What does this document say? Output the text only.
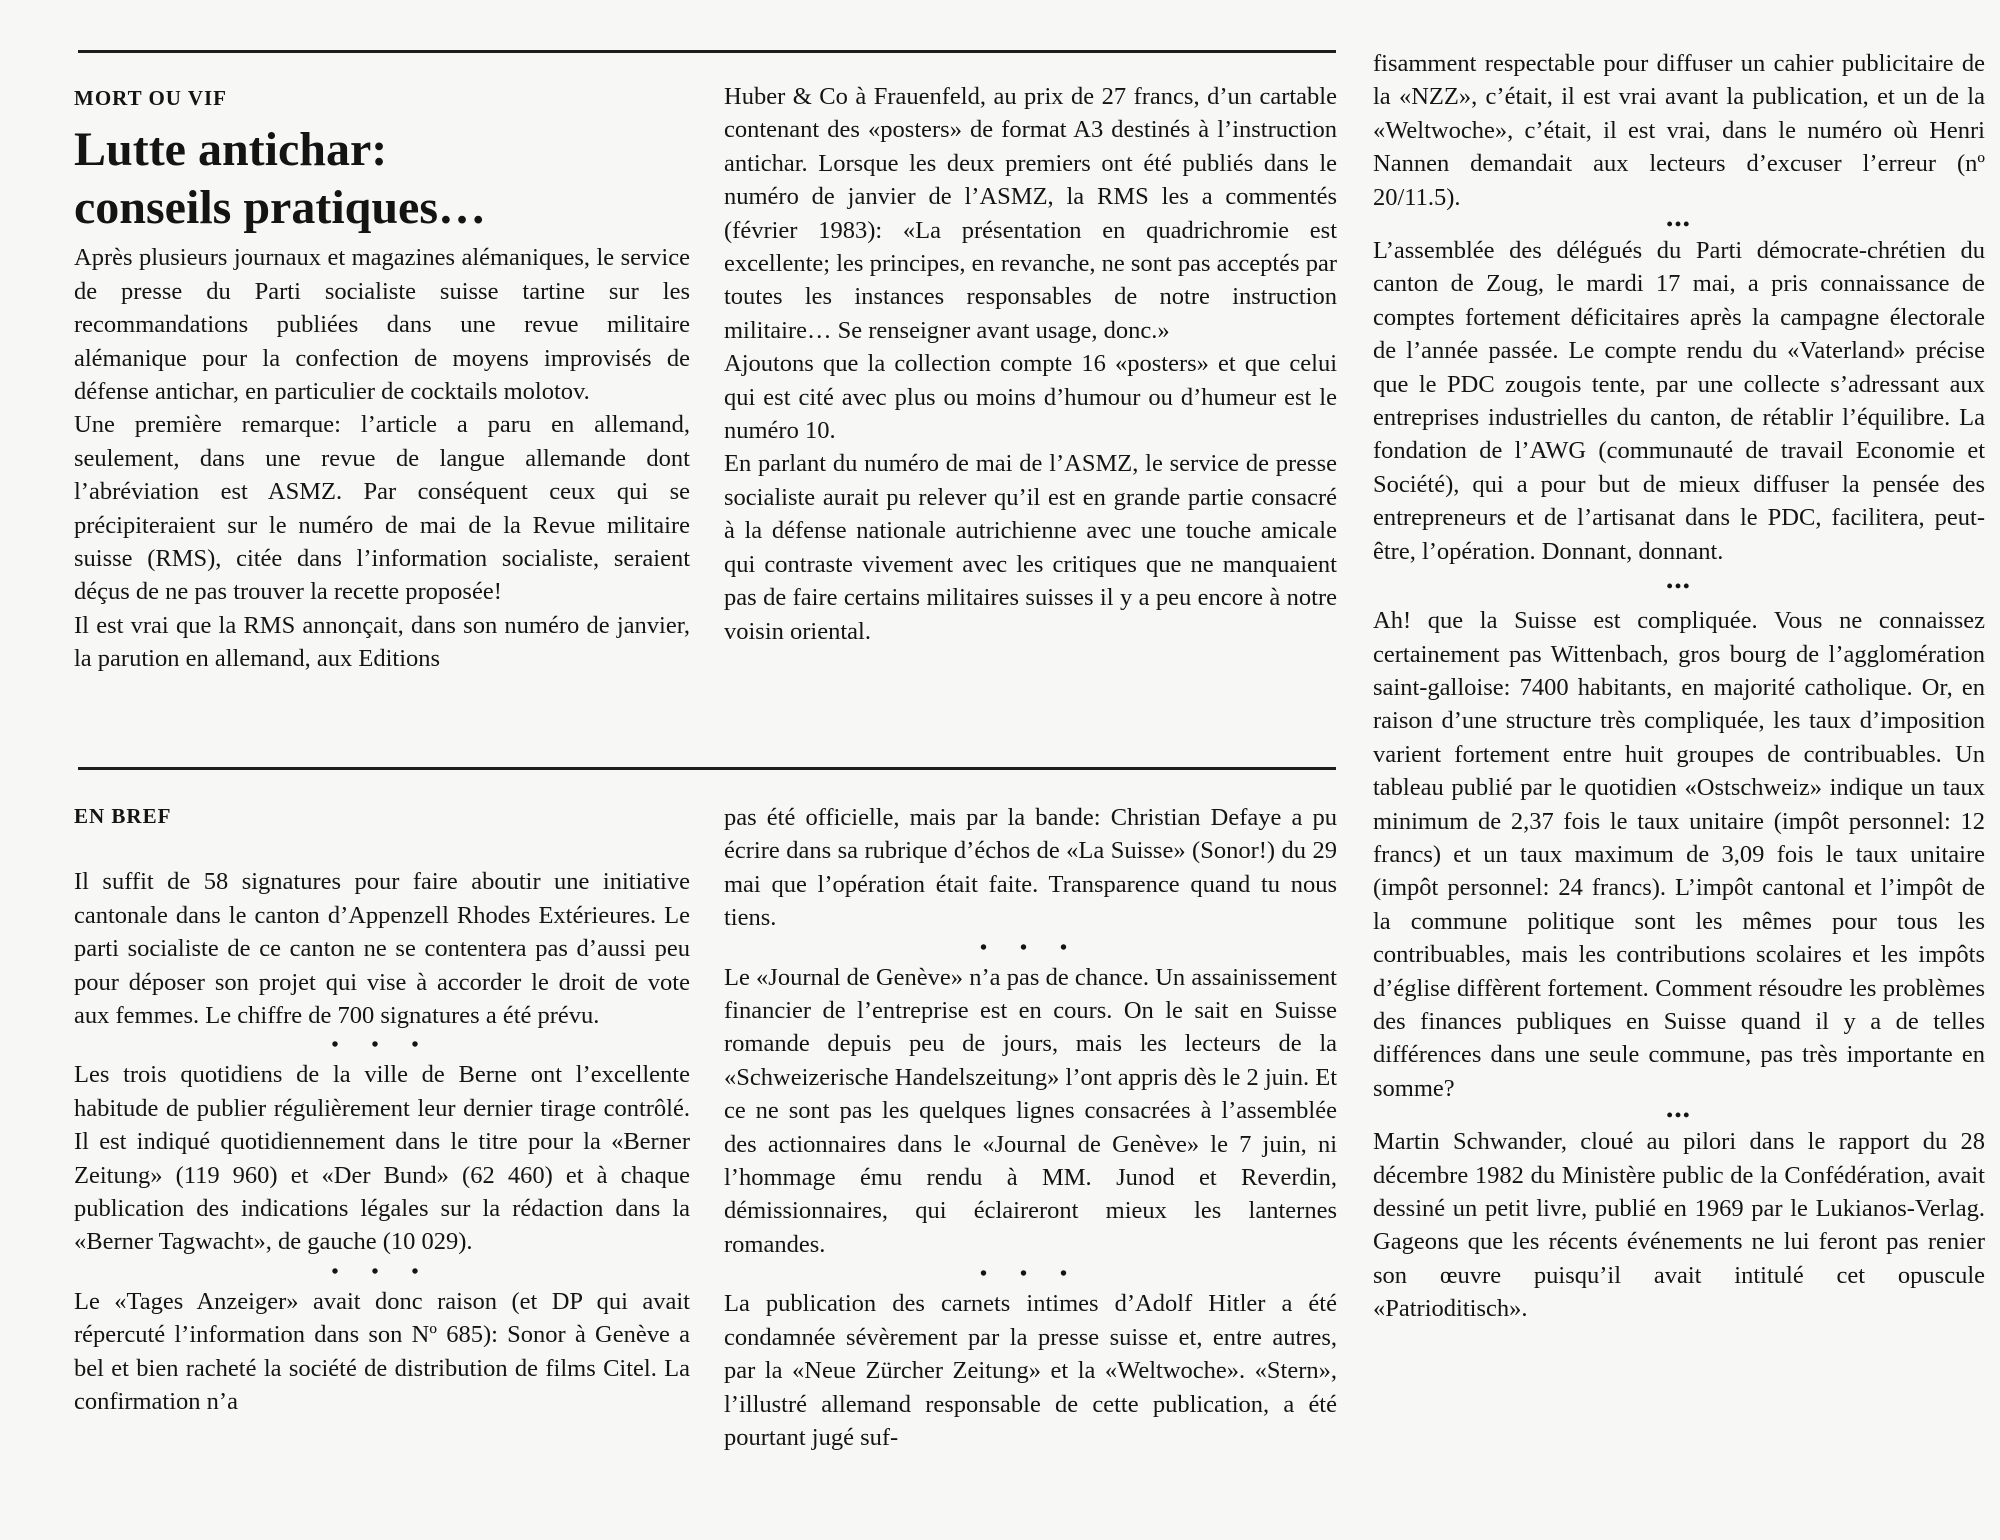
MORT OU VIF
Lutte antichar:
conseils pratiques…

Après plusieurs journaux et magazines alémaniques, le service de presse du Parti socialiste suisse tartine sur les recommandations publiées dans une revue militaire alémanique pour la confection de moyens improvisés de défense antichar, en particulier de cocktails molotov.

Une première remarque: l’article a paru en allemand, seulement, dans une revue de langue allemande dont l’abréviation est ASMZ. Par conséquent ceux qui se précipiteraient sur le numéro de mai de la Revue militaire suisse (RMS), citée dans l’information socialiste, seraient déçus de ne pas trouver la recette proposée!

Il est vrai que la RMS annonçait, dans son numéro de janvier, la parution en allemand, aux Editions

Huber & Co à Frauenfeld, au prix de 27 francs, d’un cartable contenant des «posters» de format A3 destinés à l’instruction antichar. Lorsque les deux premiers ont été publiés dans le numéro de janvier de l’ASMZ, la RMS les a commentés (février 1983): «La présentation en quadrichromie est excellente; les principes, en revanche, ne sont pas acceptés par toutes les instances responsables de notre instruction militaire… Se renseigner avant usage, donc.»

Ajoutons que la collection compte 16 «posters» et que celui qui est cité avec plus ou moins d’humour ou d’humeur est le numéro 10.

En parlant du numéro de mai de l’ASMZ, le service de presse socialiste aurait pu relever qu’il est en grande partie consacré à la défense nationale autrichienne avec une touche amicale qui contraste vivement avec les critiques que ne manquaient pas de faire certains militaires suisses il y a peu encore à notre voisin oriental.

EN BREF

Il suffit de 58 signatures pour faire aboutir une initiative cantonale dans le canton d’Appenzell Rhodes Extérieures. Le parti socialiste de ce canton ne se contentera pas d’aussi peu pour déposer son projet qui vise à accorder le droit de vote aux femmes. Le chiffre de 700 signatures a été prévu.

• • •

Les trois quotidiens de la ville de Berne ont l’excellente habitude de publier régulièrement leur dernier tirage contrôlé. Il est indiqué quotidiennement dans le titre pour la «Berner Zeitung» (119 960) et «Der Bund» (62 460) et à chaque publication des indications légales sur la rédaction dans la «Berner Tagwacht», de gauche (10 029).

• • •

Le «Tages Anzeiger» avait donc raison (et DP qui avait répercuté l’information dans son Nº 685): Sonor à Genève a bel et bien racheté la société de distribution de films Citel. La confirmation n’a

pas été officielle, mais par la bande: Christian Defaye a pu écrire dans sa rubrique d’échos de «La Suisse» (Sonor!) du 29 mai que l’opération était faite. Transparence quand tu nous tiens.

• • •

Le «Journal de Genève» n’a pas de chance. Un assainissement financier de l’entreprise est en cours. On le sait en Suisse romande depuis peu de jours, mais les lecteurs de la «Schweizerische Handelszeitung» l’ont appris dès le 2 juin. Et ce ne sont pas les quelques lignes consacrées à l’assemblée des actionnaires dans le «Journal de Genève» le 7 juin, ni l’hommage ému rendu à MM. Junod et Reverdin, démissionnaires, qui éclaireront mieux les lanternes romandes.

• • •

La publication des carnets intimes d’Adolf Hitler a été condamnée sévèrement par la presse suisse et, entre autres, par la «Neue Zürcher Zeitung» et la «Weltwoche». «Stern», l’illustré allemand responsable de cette publication, a été pourtant jugé suf-

fisamment respectable pour diffuser un cahier publicitaire de la «NZZ», c’était, il est vrai avant la publication, et un de la «Weltwoche», c’était, il est vrai, dans le numéro où Henri Nannen demandait aux lecteurs d’excuser l’erreur (nº 20/11.5).

•••

L’assemblée des délégués du Parti démocrate-chrétien du canton de Zoug, le mardi 17 mai, a pris connaissance de comptes fortement déficitaires après la campagne électorale de l’année passée. Le compte rendu du «Vaterland» précise que le PDC zougois tente, par une collecte s’adressant aux entreprises industrielles du canton, de rétablir l’équilibre. La fondation de l’AWG (communauté de travail Economie et Société), qui a pour but de mieux diffuser la pensée des entrepreneurs et de l’artisanat dans le PDC, facilitera, peut-être, l’opération. Donnant, donnant.

•••

Ah! que la Suisse est compliquée. Vous ne connaissez certainement pas Wittenbach, gros bourg de l’agglomération saint-galloise: 7400 habitants, en majorité catholique. Or, en raison d’une structure très compliquée, les taux d’imposition varient fortement entre huit groupes de contribuables. Un tableau publié par le quotidien «Ostschweiz» indique un taux minimum de 2,37 fois le taux unitaire (impôt personnel: 12 francs) et un taux maximum de 3,09 fois le taux unitaire (impôt personnel: 24 francs). L’impôt cantonal et l’impôt de la commune politique sont les mêmes pour tous les contribuables, mais les contributions scolaires et les impôts d’église diffèrent fortement. Comment résoudre les problèmes des finances publiques en Suisse quand il y a de telles différences dans une seule commune, pas très importante en somme?

•••

Martin Schwander, cloué au pilori dans le rapport du 28 décembre 1982 du Ministère public de la Confédération, avait dessiné un petit livre, publié en 1969 par le Lukianos-Verlag. Gageons que les récents événements ne lui feront pas renier son œuvre puisqu’il avait intitulé cet opuscule «Patrioditisch».
